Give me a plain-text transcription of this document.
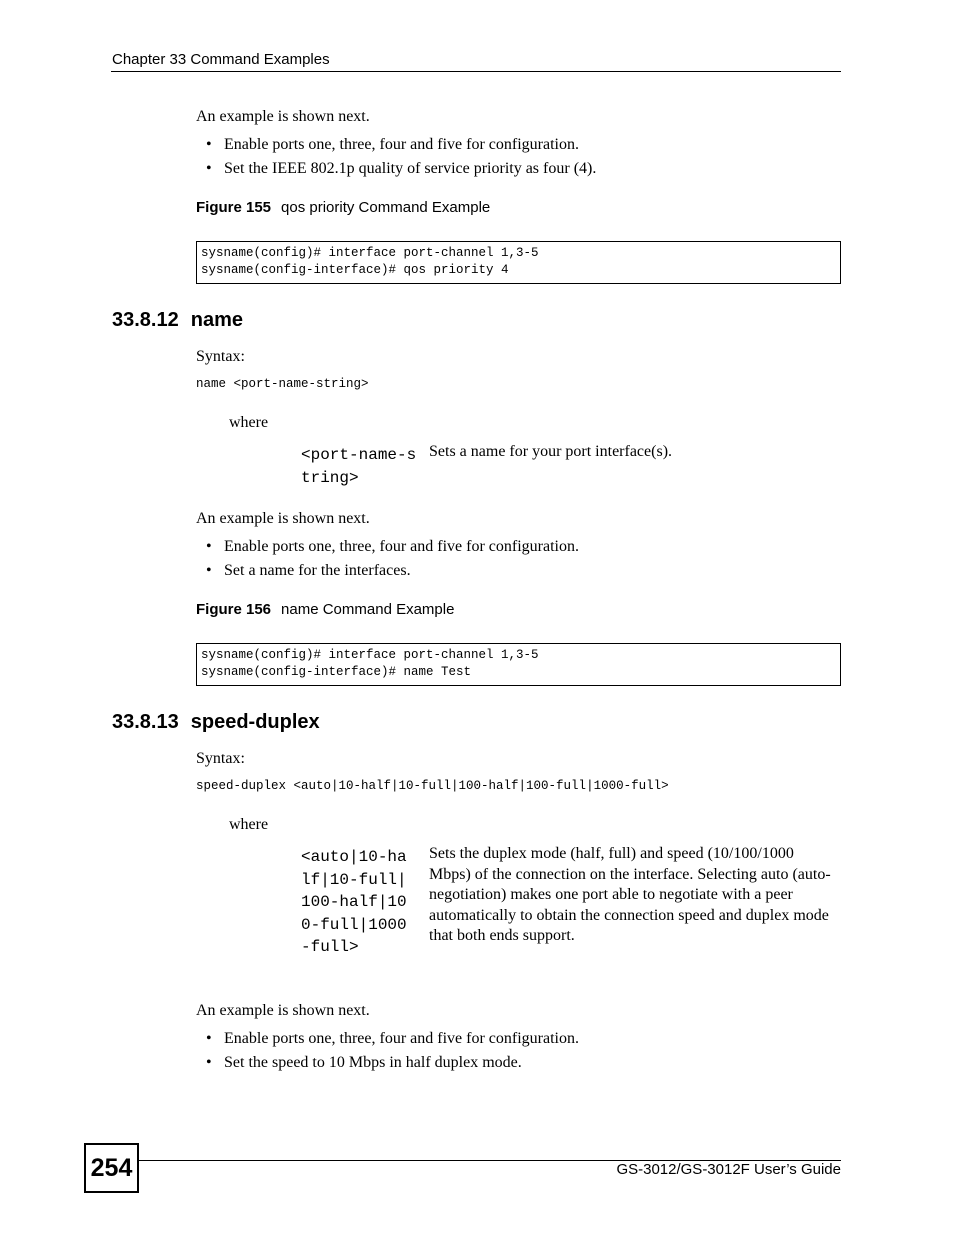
Chapter 33 Command Examples
An example is shown next.
• Enable ports one, three, four and five for configuration.
• Set the IEEE 802.1p quality of service priority as four (4).
Figure 155 qos priority Command Example
sysname(config)# interface port-channel 1,3-5
sysname(config-interface)# qos priority 4
33.8.12 name
Syntax:
name <port-name-string>
where
<port-name-string>
Sets a name for your port interface(s).
An example is shown next.
• Enable ports one, three, four and five for configuration.
• Set a name for the interfaces.
Figure 156 name Command Example
sysname(config)# interface port-channel 1,3-5
sysname(config-interface)# name Test
33.8.13 speed-duplex
Syntax:
speed-duplex <auto|10-half|10-full|100-half|100-full|1000-full>
where
<auto|10-half|10-full|100-half|100-full|1000-full>
Sets the duplex mode (half, full) and speed (10/100/1000 Mbps) of the connection on the interface. Selecting auto (auto-negotiation) makes one port able to negotiate with a peer automatically to obtain the connection speed and duplex mode that both ends support.
An example is shown next.
• Enable ports one, three, four and five for configuration.
• Set the speed to 10 Mbps in half duplex mode.
254	GS-3012/GS-3012F User’s Guide
